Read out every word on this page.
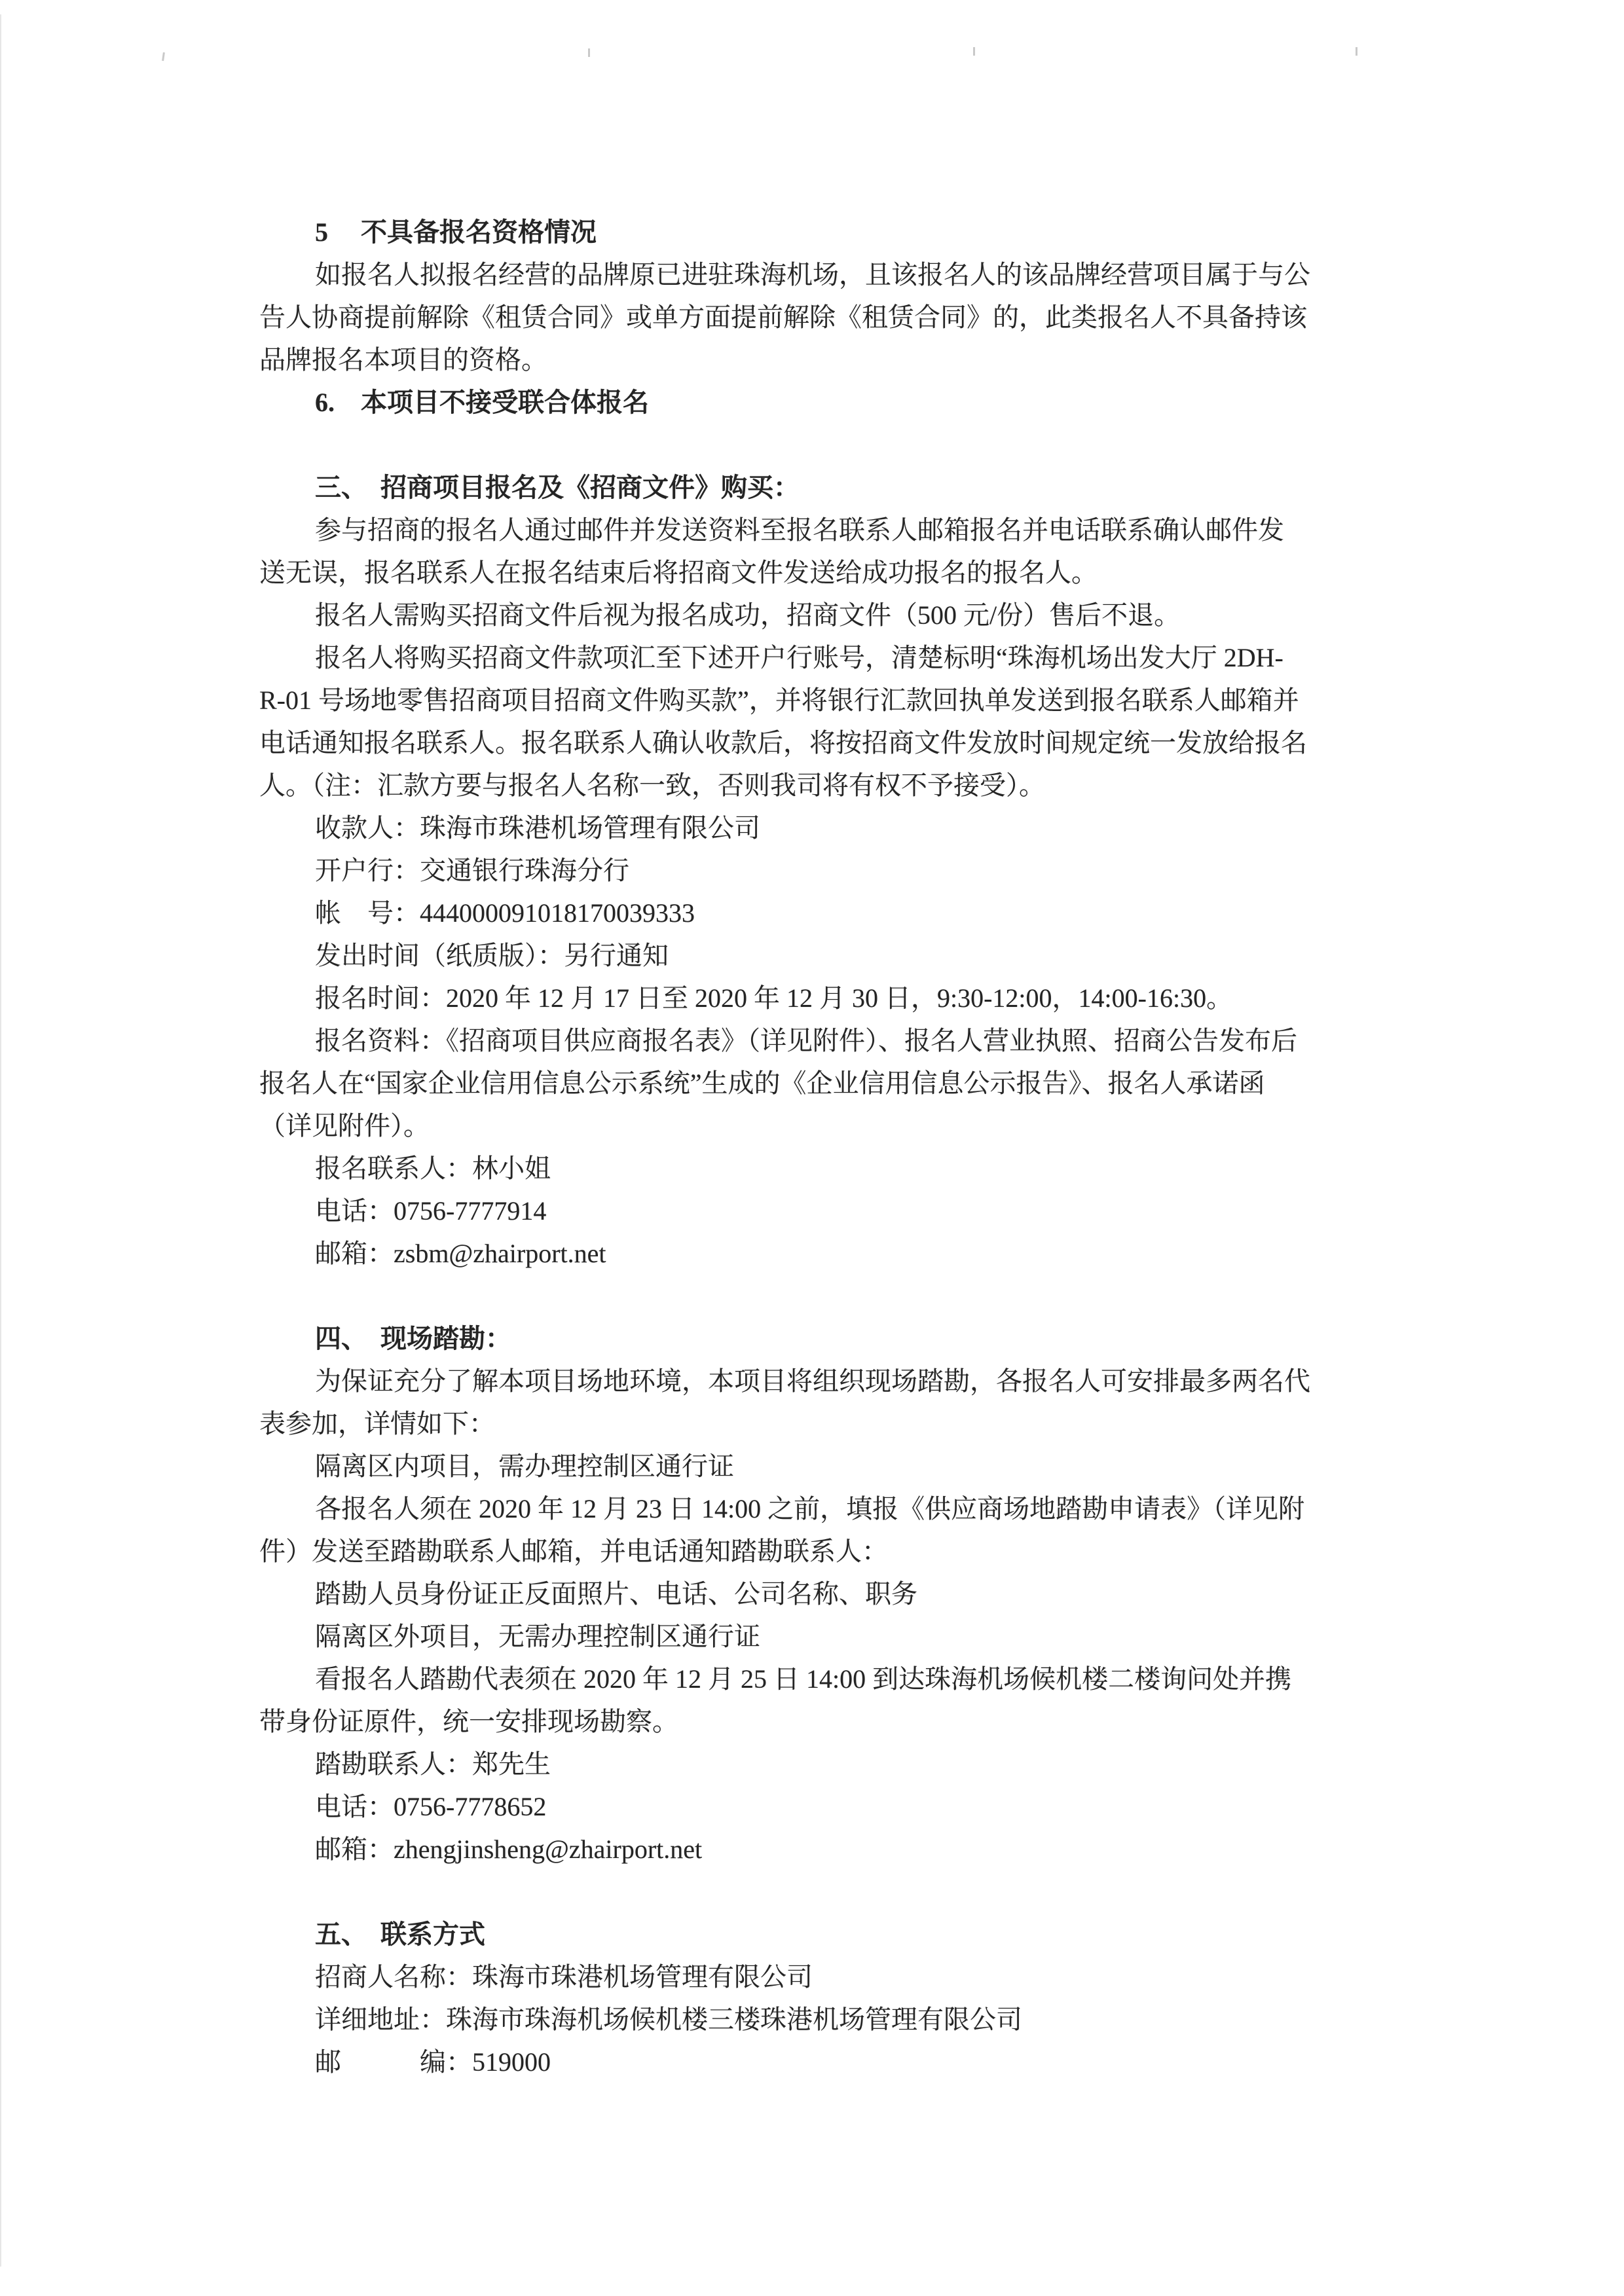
5　 不具备报名资格情况
如报名人拟报名经营的品牌原已进驻珠海机场，且该报名人的该品牌经营项目属于与公
告人协商提前解除《租赁合同》或单方面提前解除《租赁合同》的，此类报名人不具备持该
品牌报名本项目的资格。
6.　本项目不接受联合体报名
三、　招商项目报名及《招商文件》购买：
参与招商的报名人通过邮件并发送资料至报名联系人邮箱报名并电话联系确认邮件发
送无误，报名联系人在报名结束后将招商文件发送给成功报名的报名人。
报名人需购买招商文件后视为报名成功，招商文件（500 元/份）售后不退。
报名人将购买招商文件款项汇至下述开户行账号，清楚标明“珠海机场出发大厅 2DH-
R-01 号场地零售招商项目招商文件购买款”，并将银行汇款回执单发送到报名联系人邮箱并
电话通知报名联系人。报名联系人确认收款后，将按招商文件发放时间规定统一发放给报名
人。（注：汇款方要与报名人名称一致，否则我司将有权不予接受）。
收款人：珠海市珠港机场管理有限公司
开户行：交通银行珠海分行
帐　号：444000091018170039333
发出时间（纸质版）：另行通知
报名时间：2020 年 12 月 17 日至 2020 年 12 月 30 日，9:30-12:00，14:00-16:30。
报名资料：《招商项目供应商报名表》（详见附件）、报名人营业执照、招商公告发布后
报名人在“国家企业信用信息公示系统”生成的《企业信用信息公示报告》、报名人承诺函
（详见附件）。
报名联系人：林小姐
电话：0756-7777914
邮箱：zsbm@zhairport.net
四、　现场踏勘：
为保证充分了解本项目场地环境，本项目将组织现场踏勘，各报名人可安排最多两名代
表参加，详情如下：
隔离区内项目，需办理控制区通行证
各报名人须在 2020 年 12 月 23 日 14:00 之前，填报《供应商场地踏勘申请表》（详见附
件）发送至踏勘联系人邮箱，并电话通知踏勘联系人：
踏勘人员身份证正反面照片、电话、公司名称、职务
隔离区外项目，无需办理控制区通行证
看报名人踏勘代表须在 2020 年 12 月 25 日 14:00 到达珠海机场候机楼二楼询问处并携
带身份证原件，统一安排现场勘察。
踏勘联系人：郑先生
电话：0756-7778652
邮箱：zhengjinsheng@zhairport.net
五、　联系方式
招商人名称：珠海市珠港机场管理有限公司
详细地址：珠海市珠海机场候机楼三楼珠港机场管理有限公司
邮　　　编：519000
